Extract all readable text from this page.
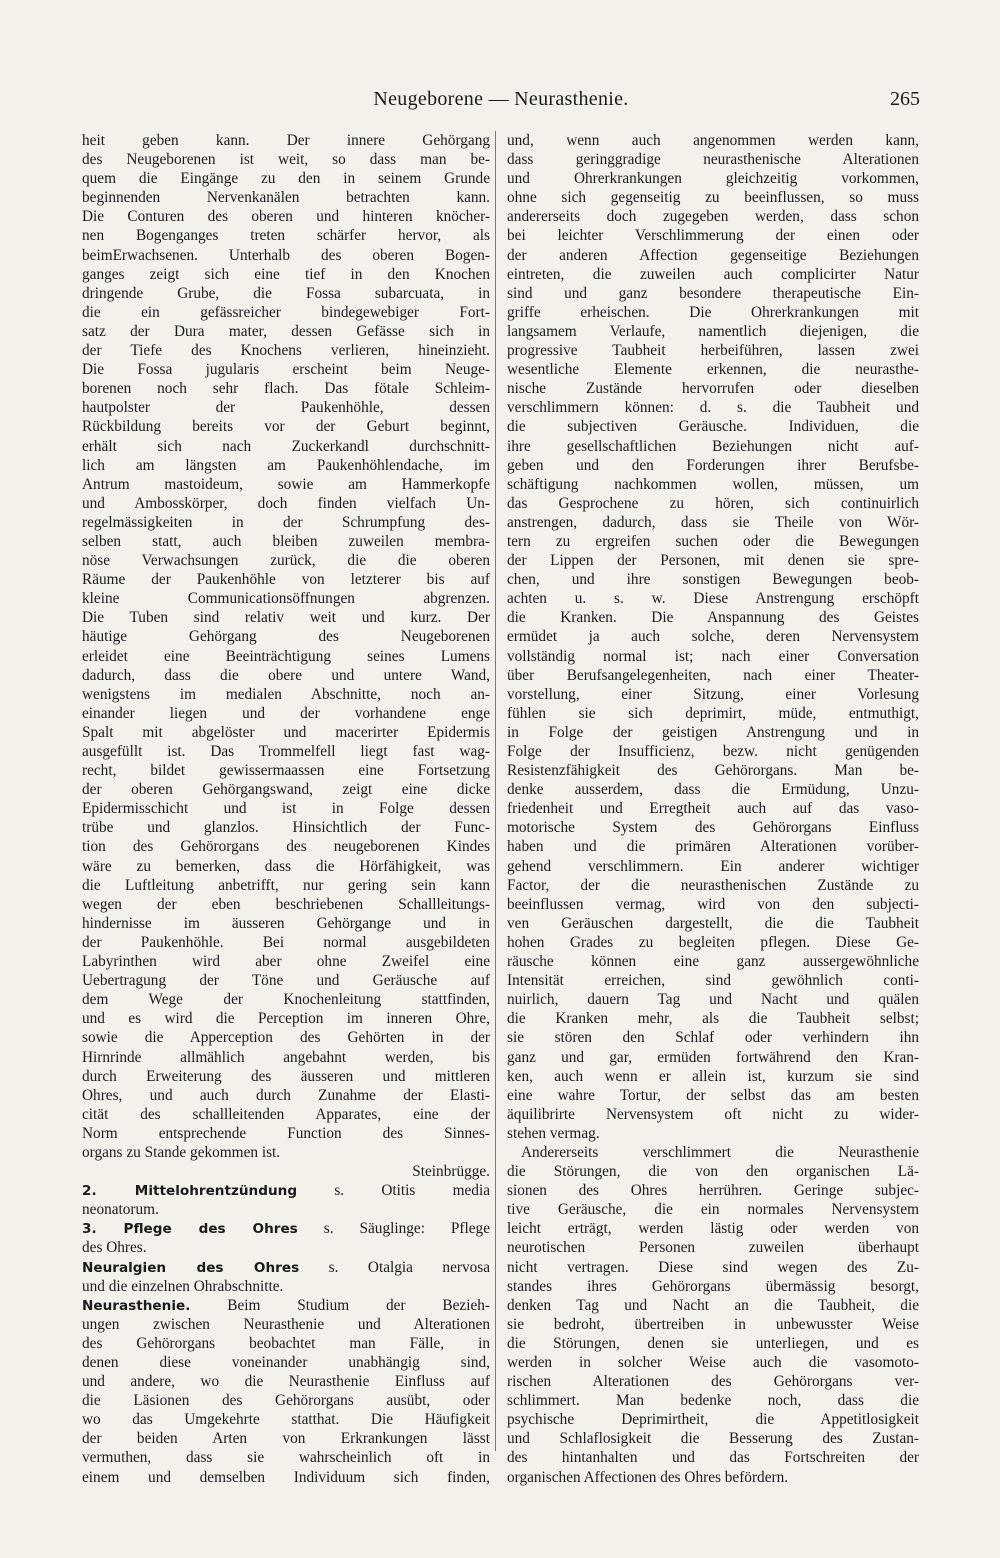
Neugeborene — Neurasthenie.	265
heit geben kann. Der innere Gehörgang
des Neugeborenen ist weit, so dass man be-
quem die Eingänge zu den in seinem Grunde
beginnenden Nervenkanälen betrachten kann.
Die Conturen des oberen und hinteren knöcher-
nen Bogenganges treten schärfer hervor, als
beimErwachsenen. Unterhalb des oberen Bogen-
ganges zeigt sich eine tief in den Knochen
dringende Grube, die Fossa subarcuata, in
die ein gefässreicher bindegewebiger Fort-
satz der Dura mater, dessen Gefässe sich in
der Tiefe des Knochens verlieren, hineinzieht.
Die Fossa jugularis erscheint beim Neuge-
borenen noch sehr flach. Das fötale Schleim-
hautpolster der Paukenhöhle, dessen
Rückbildung bereits vor der Geburt beginnt,
erhält sich nach Zuckerkandl durchschnitt-
lich am längsten am Paukenhöhlendache, im
Antrum mastoideum, sowie am Hammerkopfe
und Ambosskörper, doch finden vielfach Un-
regelmässigkeiten in der Schrumpfung des-
selben statt, auch bleiben zuweilen membra-
nöse Verwachsungen zurück, die die oberen
Räume der Paukenhöhle von letzterer bis auf
kleine Communicationsöffnungen abgrenzen.
Die Tuben sind relativ weit und kurz. Der
häutige Gehörgang des Neugeborenen
erleidet eine Beeinträchtigung seines Lumens
dadurch, dass die obere und untere Wand,
wenigstens im medialen Abschnitte, noch an-
einander liegen und der vorhandene enge
Spalt mit abgelöster und macerirter Epidermis
ausgefüllt ist. Das Trommelfell liegt fast wag-
recht, bildet gewissermaassen eine Fortsetzung
der oberen Gehörgangswand, zeigt eine dicke
Epidermisschicht und ist in Folge dessen
trübe und glanzlos. Hinsichtlich der Func-
tion des Gehörorgans des neugeborenen Kindes
wäre zu bemerken, dass die Hörfähigkeit, was
die Luftleitung anbetrifft, nur gering sein kann
wegen der eben beschriebenen Schallleitungs-
hindernisse im äusseren Gehörgange und in
der Paukenhöhle. Bei normal ausgebildeten
Labyrinthen wird aber ohne Zweifel eine
Uebertragung der Töne und Geräusche auf
dem Wege der Knochenleitung stattfinden,
und es wird die Perception im inneren Ohre,
sowie die Apperception des Gehörten in der
Hirnrinde allmählich angebahnt werden, bis
durch Erweiterung des äusseren und mittleren
Ohres, und auch durch Zunahme der Elasti-
cität des schallleitenden Apparates, eine der
Norm entsprechende Function des Sinnes-
organs zu Stande gekommen ist.
Steinbrügge.
2. Mittelohrentzündung s. Otitis media
neonatorum.
3. Pflege des Ohres s. Säuglinge: Pflege
des Ohres.
Neuralgien des Ohres s. Otalgia nervosa
und die einzelnen Ohrabschnitte.
Neurasthenie. Beim Studium der Bezieh-
ungen zwischen Neurasthenie und Alterationen
des Gehörorgans beobachtet man Fälle, in
denen diese voneinander unabhängig sind,
und andere, wo die Neurasthenie Einfluss auf
die Läsionen des Gehörorgans ausübt, oder
wo das Umgekehrte statthat. Die Häufigkeit
der beiden Arten von Erkrankungen lässt
vermuthen, dass sie wahrscheinlich oft in
einem und demselben Individuum sich finden,
und, wenn auch angenommen werden kann,
dass geringgradige neurasthenische Alterationen
und Ohrerkrankungen gleichzeitig vorkommen,
ohne sich gegenseitig zu beeinflussen, so muss
andererseits doch zugegeben werden, dass schon
bei leichter Verschlimmerung der einen oder
der anderen Affection gegenseitige Beziehungen
eintreten, die zuweilen auch complicirter Natur
sind und ganz besondere therapeutische Ein-
griffe erheischen. Die Ohrerkrankungen mit
langsamem Verlaufe, namentlich diejenigen, die
progressive Taubheit herbeiführen, lassen zwei
wesentliche Elemente erkennen, die neurasthe-
nische Zustände hervorrufen oder dieselben
verschlimmern können: d. s. die Taubheit und
die subjectiven Geräusche. Individuen, die
ihre gesellschaftlichen Beziehungen nicht auf-
geben und den Forderungen ihrer Berufsbe-
schäftigung nachkommen wollen, müssen, um
das Gesprochene zu hören, sich continuirlich
anstrengen, dadurch, dass sie Theile von Wör-
tern zu ergreifen suchen oder die Bewegungen
der Lippen der Personen, mit denen sie spre-
chen, und ihre sonstigen Bewegungen beob-
achten u. s. w. Diese Anstrengung erschöpft
die Kranken. Die Anspannung des Geistes
ermüdet ja auch solche, deren Nervensystem
vollständig normal ist; nach einer Conversation
über Berufsangelegenheiten, nach einer Theater-
vorstellung, einer Sitzung, einer Vorlesung
fühlen sie sich deprimirt, müde, entmuthigt,
in Folge der geistigen Anstrengung und in
Folge der Insufficienz, bezw. nicht genügenden
Resistenzfähigkeit des Gehörorgans. Man be-
denke ausserdem, dass die Ermüdung, Unzu-
friedenheit und Erregtheit auch auf das vaso-
motorische System des Gehörorgans Einfluss
haben und die primären Alterationen vorüber-
gehend verschlimmern. Ein anderer wichtiger
Factor, der die neurasthenischen Zustände zu
beeinflussen vermag, wird von den subjecti-
ven Geräuschen dargestellt, die die Taubheit
hohen Grades zu begleiten pflegen. Diese Ge-
räusche können eine ganz aussergewöhnliche
Intensität erreichen, sind gewöhnlich conti-
nuirlich, dauern Tag und Nacht und quälen
die Kranken mehr, als die Taubheit selbst;
sie stören den Schlaf oder verhindern ihn
ganz und gar, ermüden fortwährend den Kran-
ken, auch wenn er allein ist, kurzum sie sind
eine wahre Tortur, der selbst das am besten
äquilibrirte Nervensystem oft nicht zu wider-
stehen vermag.
Andererseits verschlimmert die Neurasthenie
die Störungen, die von den organischen Lä-
sionen des Ohres herrühren. Geringe subjec-
tive Geräusche, die ein normales Nervensystem
leicht erträgt, werden lästig oder werden von
neurotischen Personen zuweilen überhaupt
nicht vertragen. Diese sind wegen des Zu-
standes ihres Gehörorgans übermässig besorgt,
denken Tag und Nacht an die Taubheit, die
sie bedroht, übertreiben in unbewusster Weise
die Störungen, denen sie unterliegen, und es
werden in solcher Weise auch die vasomoto-
rischen Alterationen des Gehörorgans ver-
schlimmert. Man bedenke noch, dass die
psychische Deprimirtheit, die Appetitlosigkeit
und Schlaflosigkeit die Besserung des Zustan-
des hintanhalten und das Fortschreiten der
organischen Affectionen des Ohres befördern.
